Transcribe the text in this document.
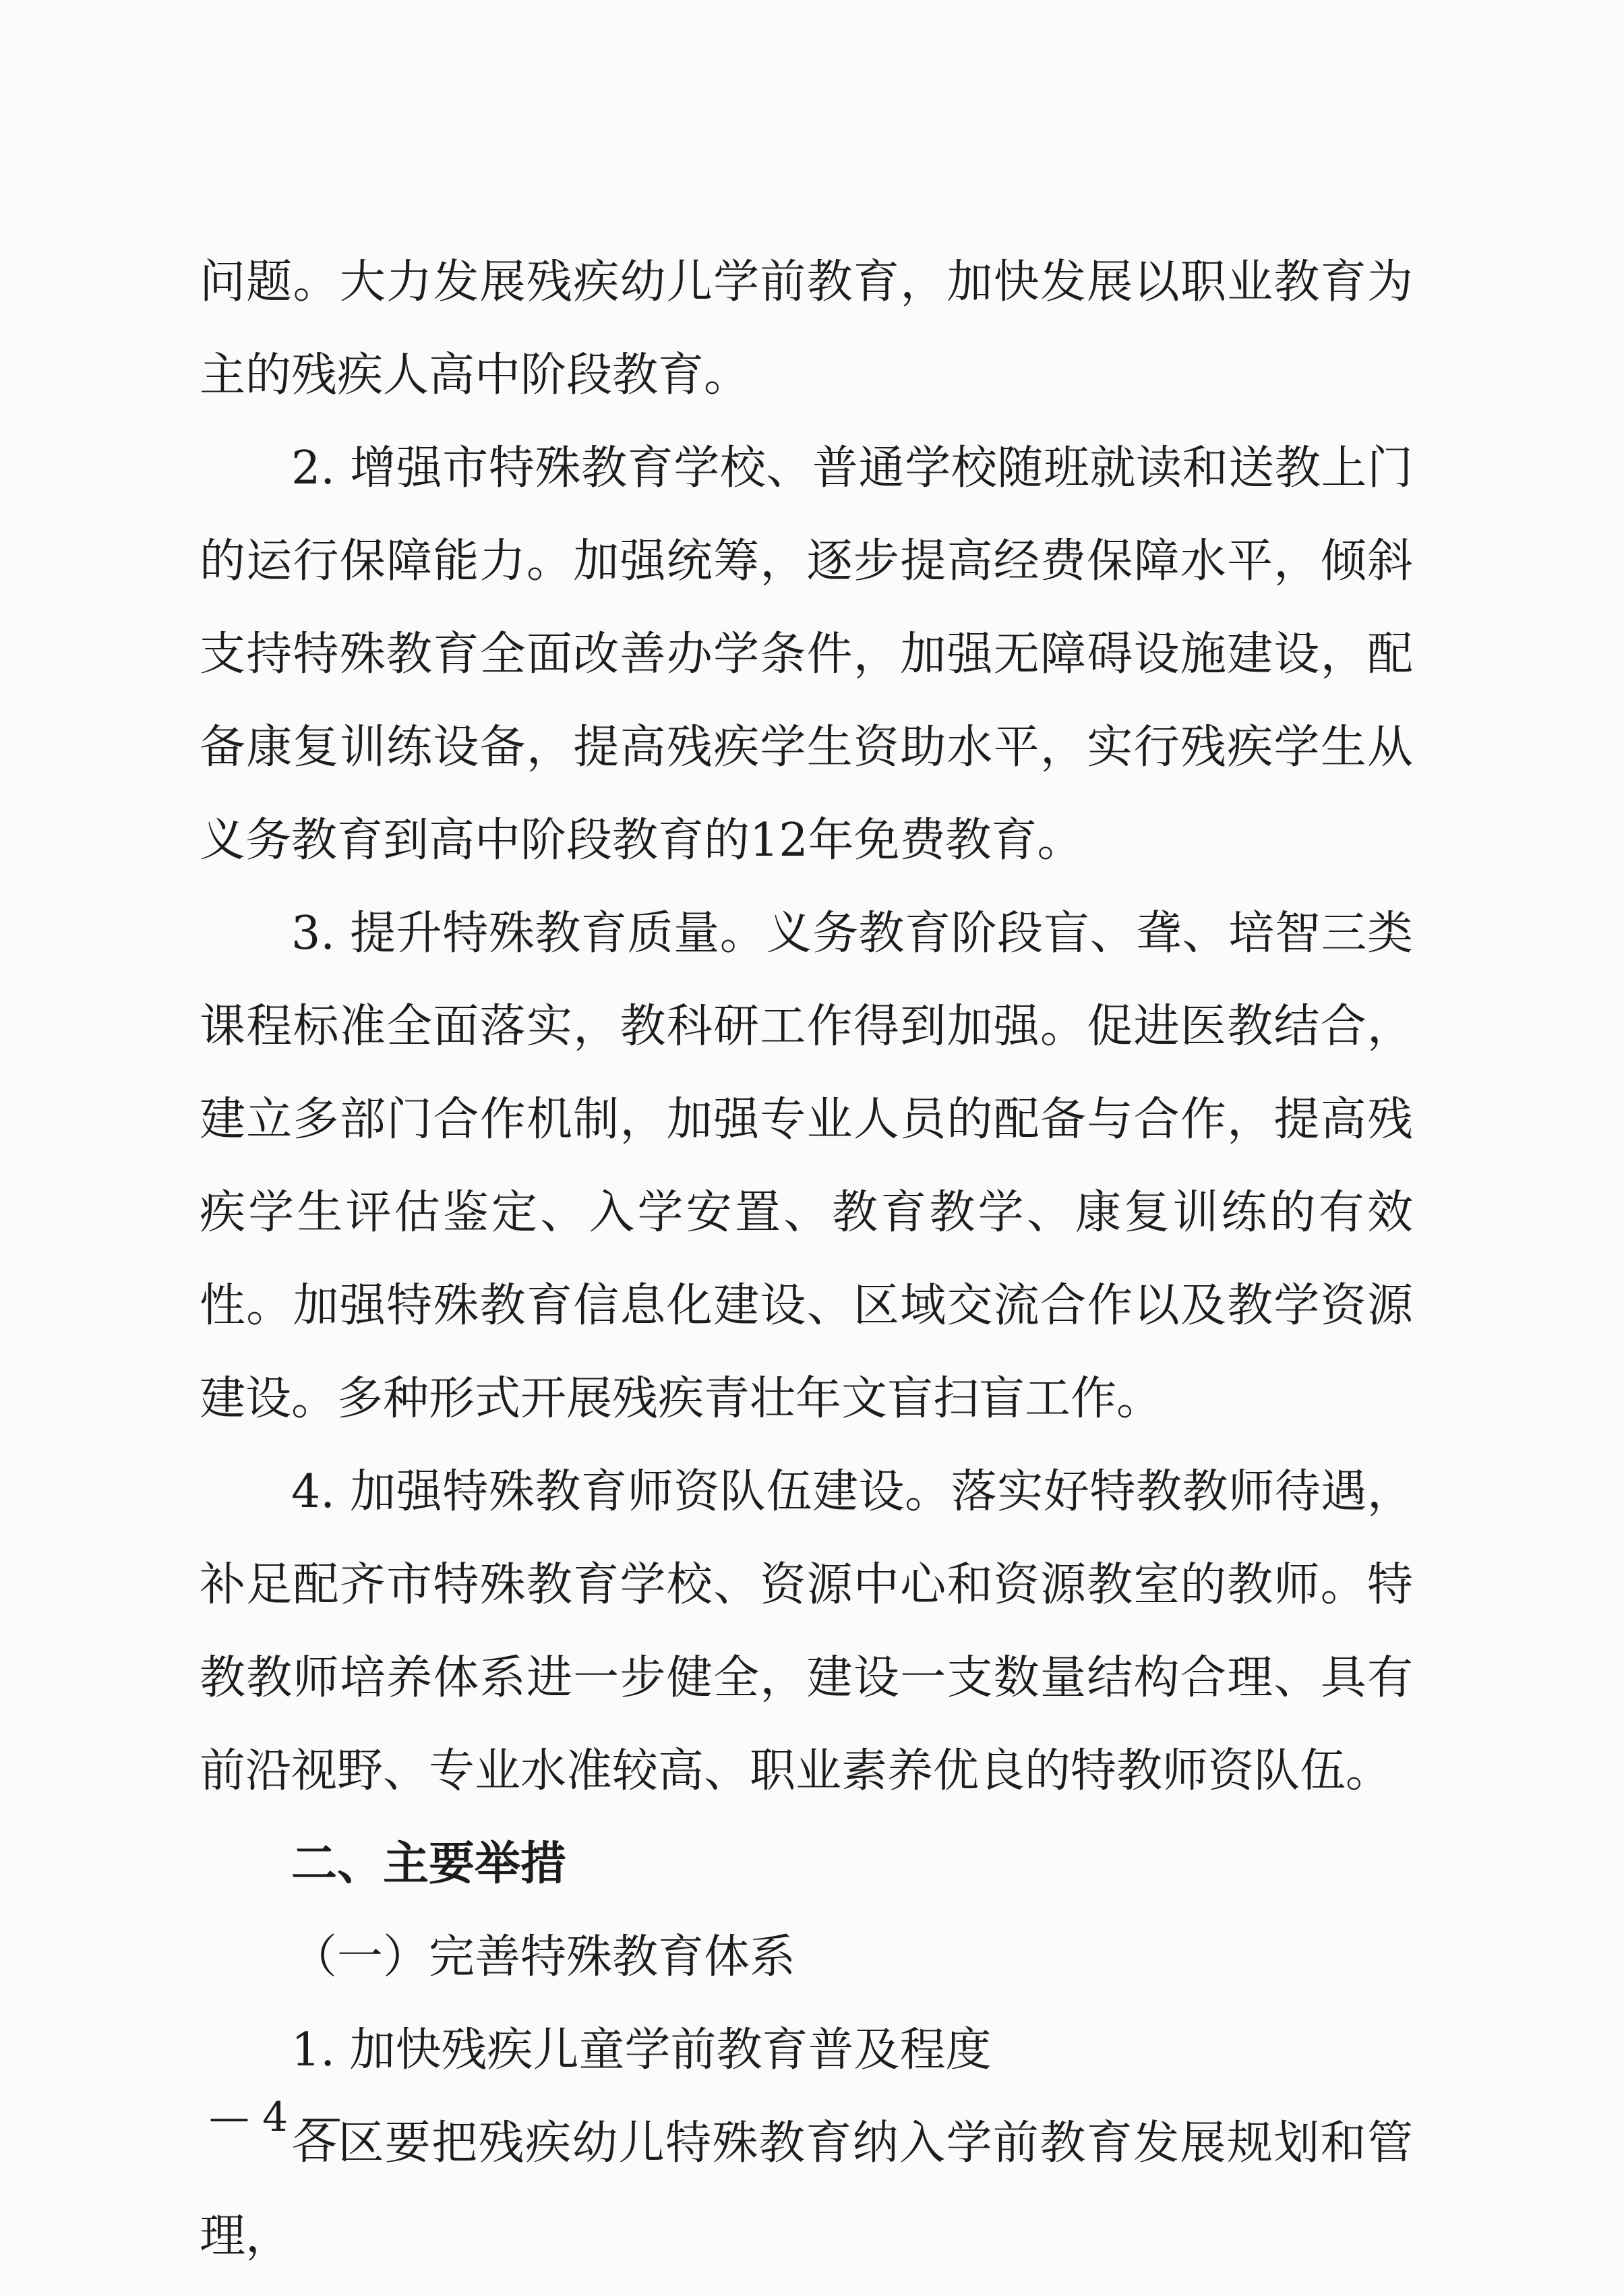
问题。大力发展残疾幼儿学前教育，加快发展以职业教育为主的残疾人高中阶段教育。

2. 增强市特殊教育学校、普通学校随班就读和送教上门的运行保障能力。加强统筹，逐步提高经费保障水平，倾斜支持特殊教育全面改善办学条件，加强无障碍设施建设，配备康复训练设备，提高残疾学生资助水平，实行残疾学生从义务教育到高中阶段教育的12年免费教育。

3. 提升特殊教育质量。义务教育阶段盲、聋、培智三类课程标准全面落实，教科研工作得到加强。促进医教结合，建立多部门合作机制，加强专业人员的配备与合作，提高残疾学生评估鉴定、入学安置、教育教学、康复训练的有效性。加强特殊教育信息化建设、区域交流合作以及教学资源建设。多种形式开展残疾青壮年文盲扫盲工作。

4. 加强特殊教育师资队伍建设。落实好特教教师待遇，补足配齐市特殊教育学校、资源中心和资源教室的教师。特教教师培养体系进一步健全，建设一支数量结构合理、具有前沿视野、专业水准较高、职业素养优良的特教师资队伍。

二、主要举措

（一）完善特殊教育体系

1. 加快残疾儿童学前教育普及程度

各区要把残疾幼儿特殊教育纳入学前教育发展规划和管理，

— 4 —
